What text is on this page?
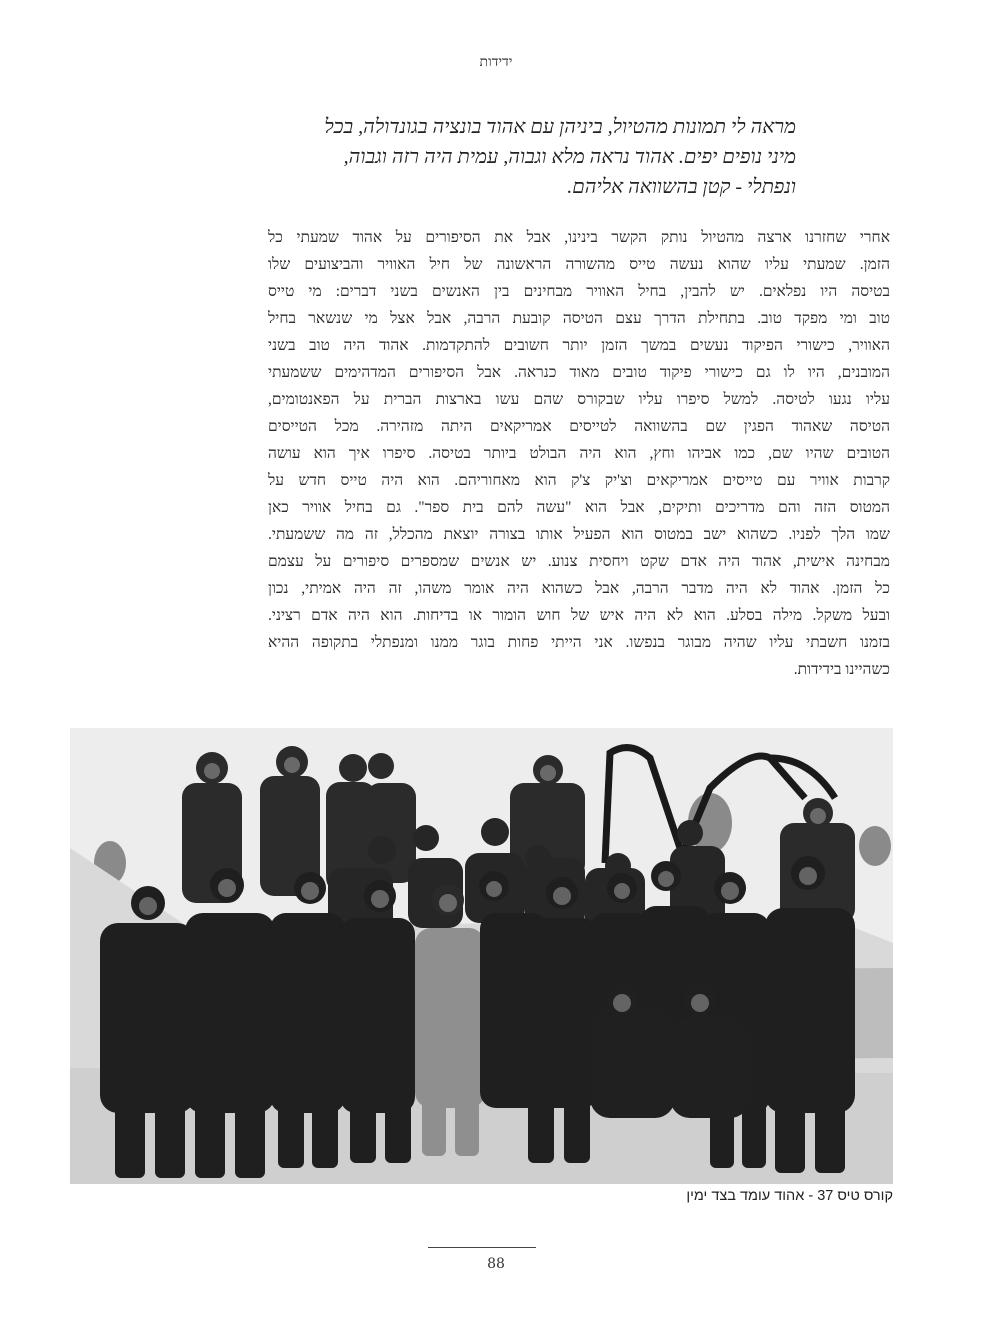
ידידות
מראה לי תמונות מהטיול, ביניהן עם אהוד בונציה בגונדולה, בכל
מיני נופים יפים. אהוד נראה מלא וגבוה, עמית היה רזה וגבוה,
ונפתלי - קטן בהשוואה אליהם.
אחרי שחזרנו ארצה מהטיול נותק הקשר בינינו, אבל את הסיפורים על אהוד שמעתי כל
הזמן. שמעתי עליו שהוא נעשה טייס מהשורה הראשונה של חיל האוויר והביצועים שלו
בטיסה היו נפלאים. יש להבין, בחיל האוויר מבחינים בין האנשים בשני דברים: מי טייס
טוב ומי מפקד טוב. בתחילת הדרך עצם הטיסה קובעת הרבה, אבל אצל מי שנשאר בחיל
האוויר, כישורי הפיקוד נעשים במשך הזמן יותר חשובים להתקדמות. אהוד היה טוב בשני
המובנים, היו לו גם כישורי פיקוד טובים מאוד כנראה. אבל הסיפורים המדהימים ששמעתי
עליו נגעו לטיסה. למשל סיפרו עליו שבקורס שהם עשו בארצות הברית על הפאנטומים,
הטיסה שאהוד הפגין שם בהשוואה לטייסים אמריקאים היתה מזהירה. מכל הטייסים
הטובים שהיו שם, כמו אביהו וחץ, הוא היה הבולט ביותר בטיסה. סיפרו איך הוא עושה
קרבות אוויר עם טייסים אמריקאים וצ'יק צ'ק הוא מאחוריהם. הוא היה טייס חדש על
המטוס הזה והם מדריכים ותיקים, אבל הוא "עשה להם בית ספר". גם בחיל אוויר כאן
שמו הלך לפניו. כשהוא ישב במטוס הוא הפעיל אותו בצורה יוצאת מהכלל, זה מה ששמעתי.
מבחינה אישית, אהוד היה אדם שקט ויחסית צנוע. יש אנשים שמספרים סיפורים על עצמם
כל הזמן. אהוד לא היה מדבר הרבה, אבל כשהוא היה אומר משהו, זה היה אמיתי, נכון
ובעל משקל. מילה בסלע. הוא לא היה איש של חוש הומור או בדיחות. הוא היה אדם רציני.
בזמנו חשבתי עליו שהיה מבוגר בנפשו. אני הייתי פחות בוגר ממנו ומנפתלי בתקופה ההיא
כשהיינו בידידות.
קורס טיס 37 - אהוד עומד בצד ימין
88
